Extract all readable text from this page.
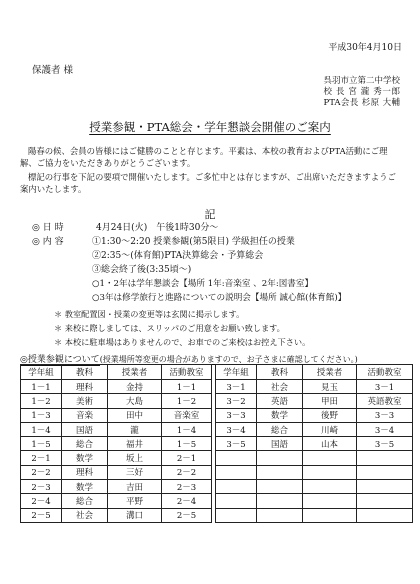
平成30年4月10日
保護者 様
呉羽市立第二中学校
校 長 宮 瀧 秀一郎
PTA会長 杉原 大輔
授業参観・PTA総会・学年懇談会開催のご案内
陽春の候、会員の皆様にはご健勝のことと存じます。平素は、本校の教育およびPTA活動にご理解、ご協力をいただきありがとうございます。
標記の行事を下記の要項で開催いたします。ご多忙中とは存じますが、ご出席いただきますようご案内いたします。
記
◎ 日 時	4月24日(火)　午後1時30分～
◎ 内 容	①1:30～2:20 授業参観(第5限目) 学級担任の授業
②2:35～(体育館)PTA決算総会・予算総会
③総会終了後(3:35頃～)
○1・2年は学年懇談会【場所 1年:音楽室 、2年:図書室】
○3年は修学旅行と進路についての説明会【場所 誠心館(体育館)】
＊ 教室配置図・授業の変更等は玄関に掲示します。
＊ 来校に際しましては、スリッパのご用意をお願い致します。
＊ 本校に駐車場はありませんので、お車でのご来校はお控え下さい。
◎授業参観について(授業場所等変更の場合がありますので、お子さまに確認してください。)
学年組	教科	授業者	活動教室
1－1	理科	金持	1－1
1－2	美術	大島	1－2
1－3	音楽	田中	音楽室
1－4	国語	瀧	1－4
1－5	総合	福井	1－5
2－1	数学	坂上	2－1
2－2	理科	三好	2－2
2－3	数学	吉田	2－3
2－4	総合	平野	2－4
2－5	社会	溝口	2－5
学年組	教科	授業者	活動教室
3－1	社会	見玉	3－1
3－2	英語	甲田	英語教室
3－3	数学	後野	3－3
3－4	総合	川崎	3－4
3－5	国語	山本	3－5
